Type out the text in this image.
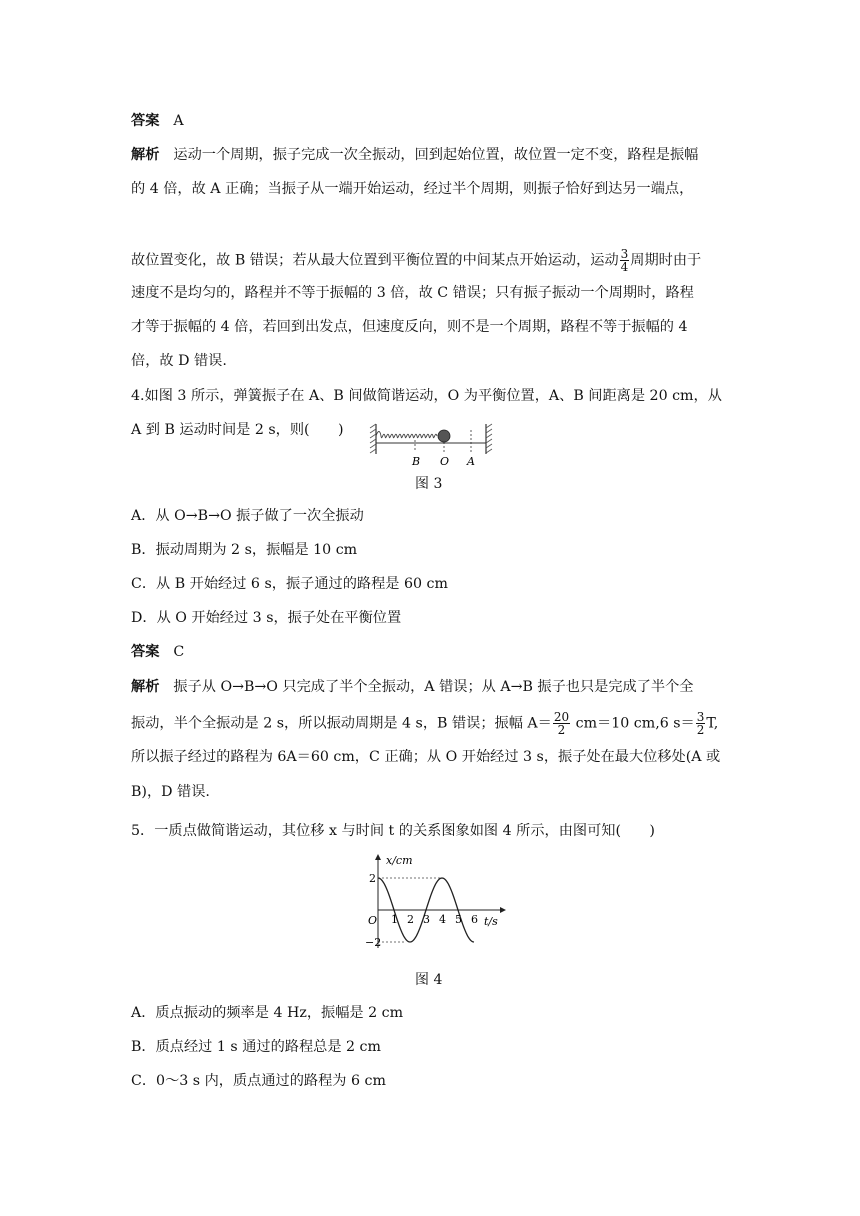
答案 A
解析 运动一个周期，振子完成一次全振动，回到起始位置，故位置一定不变，路程是振幅
的 4 倍，故 A 正确；当振子从一端开始运动，经过半个周期，则振子恰好到达另一端点，
故位置变化，故 B 错误；若从最大位置到平衡位置的中间某点开始运动，运动 $\frac{3}{4}$ 周期时由于
速度不是均匀的，路程并不等于振幅的 3 倍，故 C 错误；只有振子振动一个周期时，路程
才等于振幅的 4 倍，若回到出发点，但速度反向，则不是一个周期，路程不等于振幅的 4
倍，故 D 错误.
4.如图 3 所示，弹簧振子在 A、B 间做简谐运动，O 为平衡位置，A、B 间距离是 20 cm，从
A 到 B 运动时间是 2 s，则(　　)
B O A
图 3
A．从 O→B→O 振子做了一次全振动
B．振动周期为 2 s，振幅是 10 cm
C．从 B 开始经过 6 s，振子通过的路程是 60 cm
D．从 O 开始经过 3 s，振子处在平衡位置
答案 C
解析 振子从 O→B→O 只完成了半个全振动，A 错误；从 A→B 振子也只是完成了半个全
振动，半个全振动是 2 s，所以振动周期是 4 s，B 错误；振幅 $A= \frac{20}{2} cm=10$ cm,6 $s= \frac{3}{2} T$,
所以振子经过的路程为 6A＝60 cm，C 正确；从 O 开始经过 3 s，振子处在最大位移处(A 或
B)，D 错误.
5．一质点做简谐运动，其位移 x 与时间 t 的关系图象如图 4 所示，由图可知(　　)
x/cm
t/s
O
2
−2
1 2 3 4 5 6
图 4
A．质点振动的频率是 4 Hz，振幅是 2 cm
B．质点经过 1 s 通过的路程总是 2 cm
C．0～3 s 内，质点通过的路程为 6 cm
